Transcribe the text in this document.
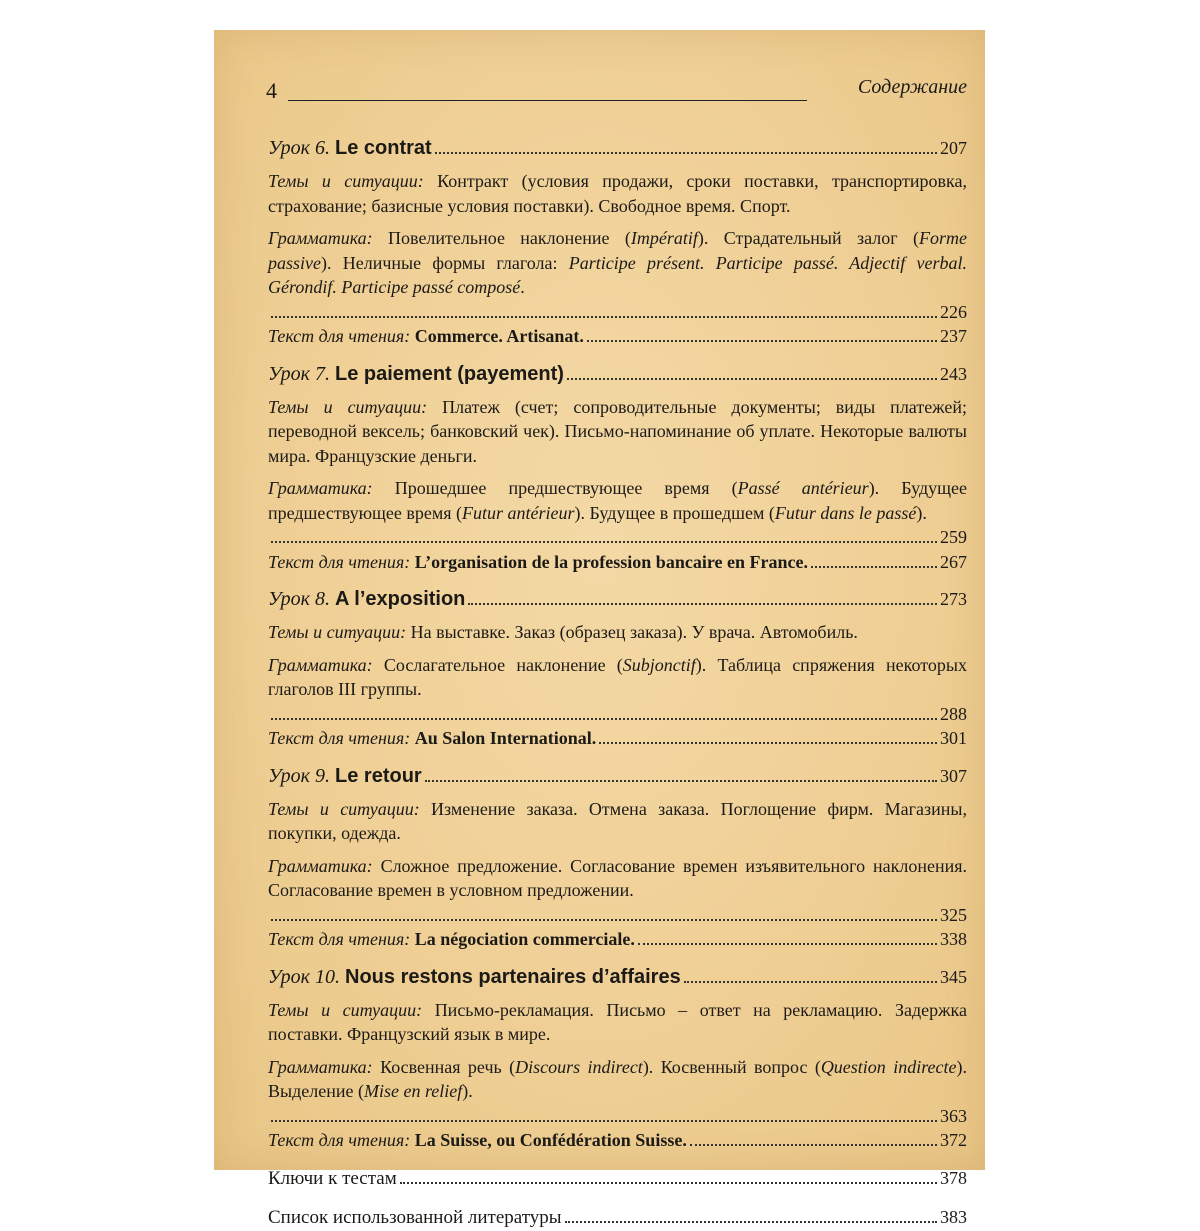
4	Содержание
Урок 6. Le contrat	207
Темы и ситуации: Контракт (условия продажи, сроки поставки, транспортировка, страхование; базисные условия поставки). Свободное время. Спорт.
Грамматика: Повелительное наклонение (Impératif). Страдательный залог (Forme passive). Неличные формы глагола: Participe présent. Participe passé. Adjectif verbal. Gérondif. Participe passé composé.
226
Текст для чтения: Commerce. Artisanat.	237
Урок 7. Le paiement (payement)	243
Темы и ситуации: Платеж (счет; сопроводительные документы; виды платежей; переводной вексель; банковский чек). Письмо-напоминание об уплате. Некоторые валюты мира. Французские деньги.
Грамматика: Прошедшее предшествующее время (Passé antérieur). Будущее предшествующее время (Futur antérieur). Будущее в прошедшем (Futur dans le passé).
259
Текст для чтения: L’organisation de la profession bancaire en France.	267
Урок 8. A l’exposition	273
Темы и ситуации: На выставке. Заказ (образец заказа). У врача. Автомобиль.
Грамматика: Сослагательное наклонение (Subjonctif). Таблица спряжения некоторых глаголов III группы.
288
Текст для чтения: Au Salon International.	301
Урок 9. Le retour	307
Темы и ситуации: Изменение заказа. Отмена заказа. Поглощение фирм. Магазины, покупки, одежда.
Грамматика: Сложное предложение. Согласование времен изъявительного наклонения. Согласование времен в условном предложении.
325
Текст для чтения: La négociation commerciale.	338
Урок 10. Nous restons partenaires d’affaires	345
Темы и ситуации: Письмо-рекламация. Письмо – ответ на рекламацию. Задержка поставки. Французский язык в мире.
Грамматика: Косвенная речь (Discours indirect). Косвенный вопрос (Question indirecte). Выделение (Mise en relief).
363
Текст для чтения: La Suisse, ou Confédération Suisse.	372
Ключи к тестам	378
Список использованной литературы	383
